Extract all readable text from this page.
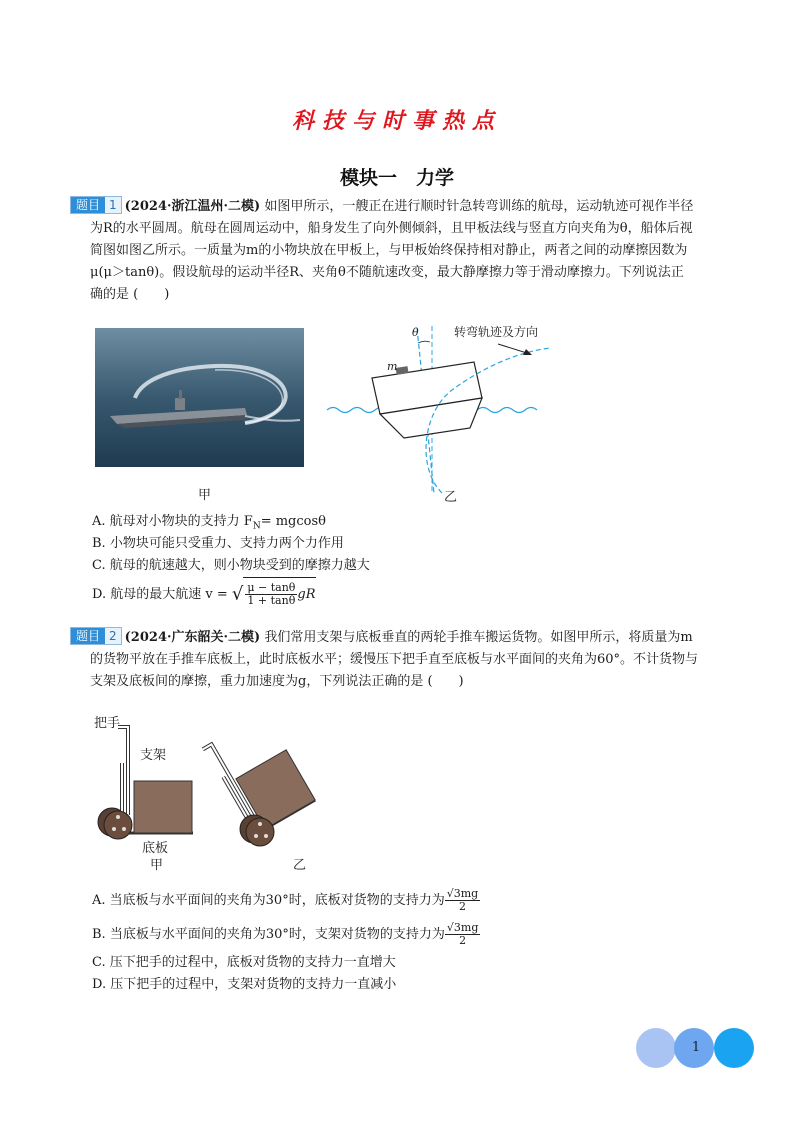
科技与时事热点
模块一　力学
题目 1 (2024·浙江温州·二模) 如图甲所示，一艘正在进行顺时针急转弯训练的航母，运动轨迹可视作半径
为R的水平圆周。航母在圆周运动中，船身发生了向外侧倾斜，且甲板法线与竖直方向夹角为θ，船体后视
简图如图乙所示。一质量为m的小物块放在甲板上，与甲板始终保持相对静止，两者之间的动摩擦因数为
μ(μ＞tanθ)。假设航母的运动半径R、夹角θ不随航速改变，最大静摩擦力等于滑动摩擦力。下列说法正
确的是 (　　)
甲
θ
m
转弯轨迹及方向
乙
A. 航母对小物块的支持力 $F_N= mgcos\theta$
B. 小物块可能只受重力、支持力两个力作用
C. 航母的航速越大，则小物块受到的摩擦力越大
D. 航母的最大航速 v = √ $\frac{\mu - \tan\theta}{1 + \tan\theta}$ gR
题目 2 (2024·广东韶关·二模) 我们常用支架与底板垂直的两轮手推车搬运货物。如图甲所示，将质量为m
的货物平放在手推车底板上，此时底板水平；缓慢压下把手直至底板与水平面间的夹角为60°。不计货物与
支架及底板间的摩擦，重力加速度为g，下列说法正确的是 (　　)
把手
支架
底板
甲	乙
A. 当底板与水平面间的夹角为30°时，底板对货物的支持力为 $\frac{√3mg}{2}$
B. 当底板与水平面间的夹角为30°时，支架对货物的支持力为 $\frac{√3mg}{2}$
C. 压下把手的过程中，底板对货物的支持力一直增大
D. 压下把手的过程中，支架对货物的支持力一直减小
1
